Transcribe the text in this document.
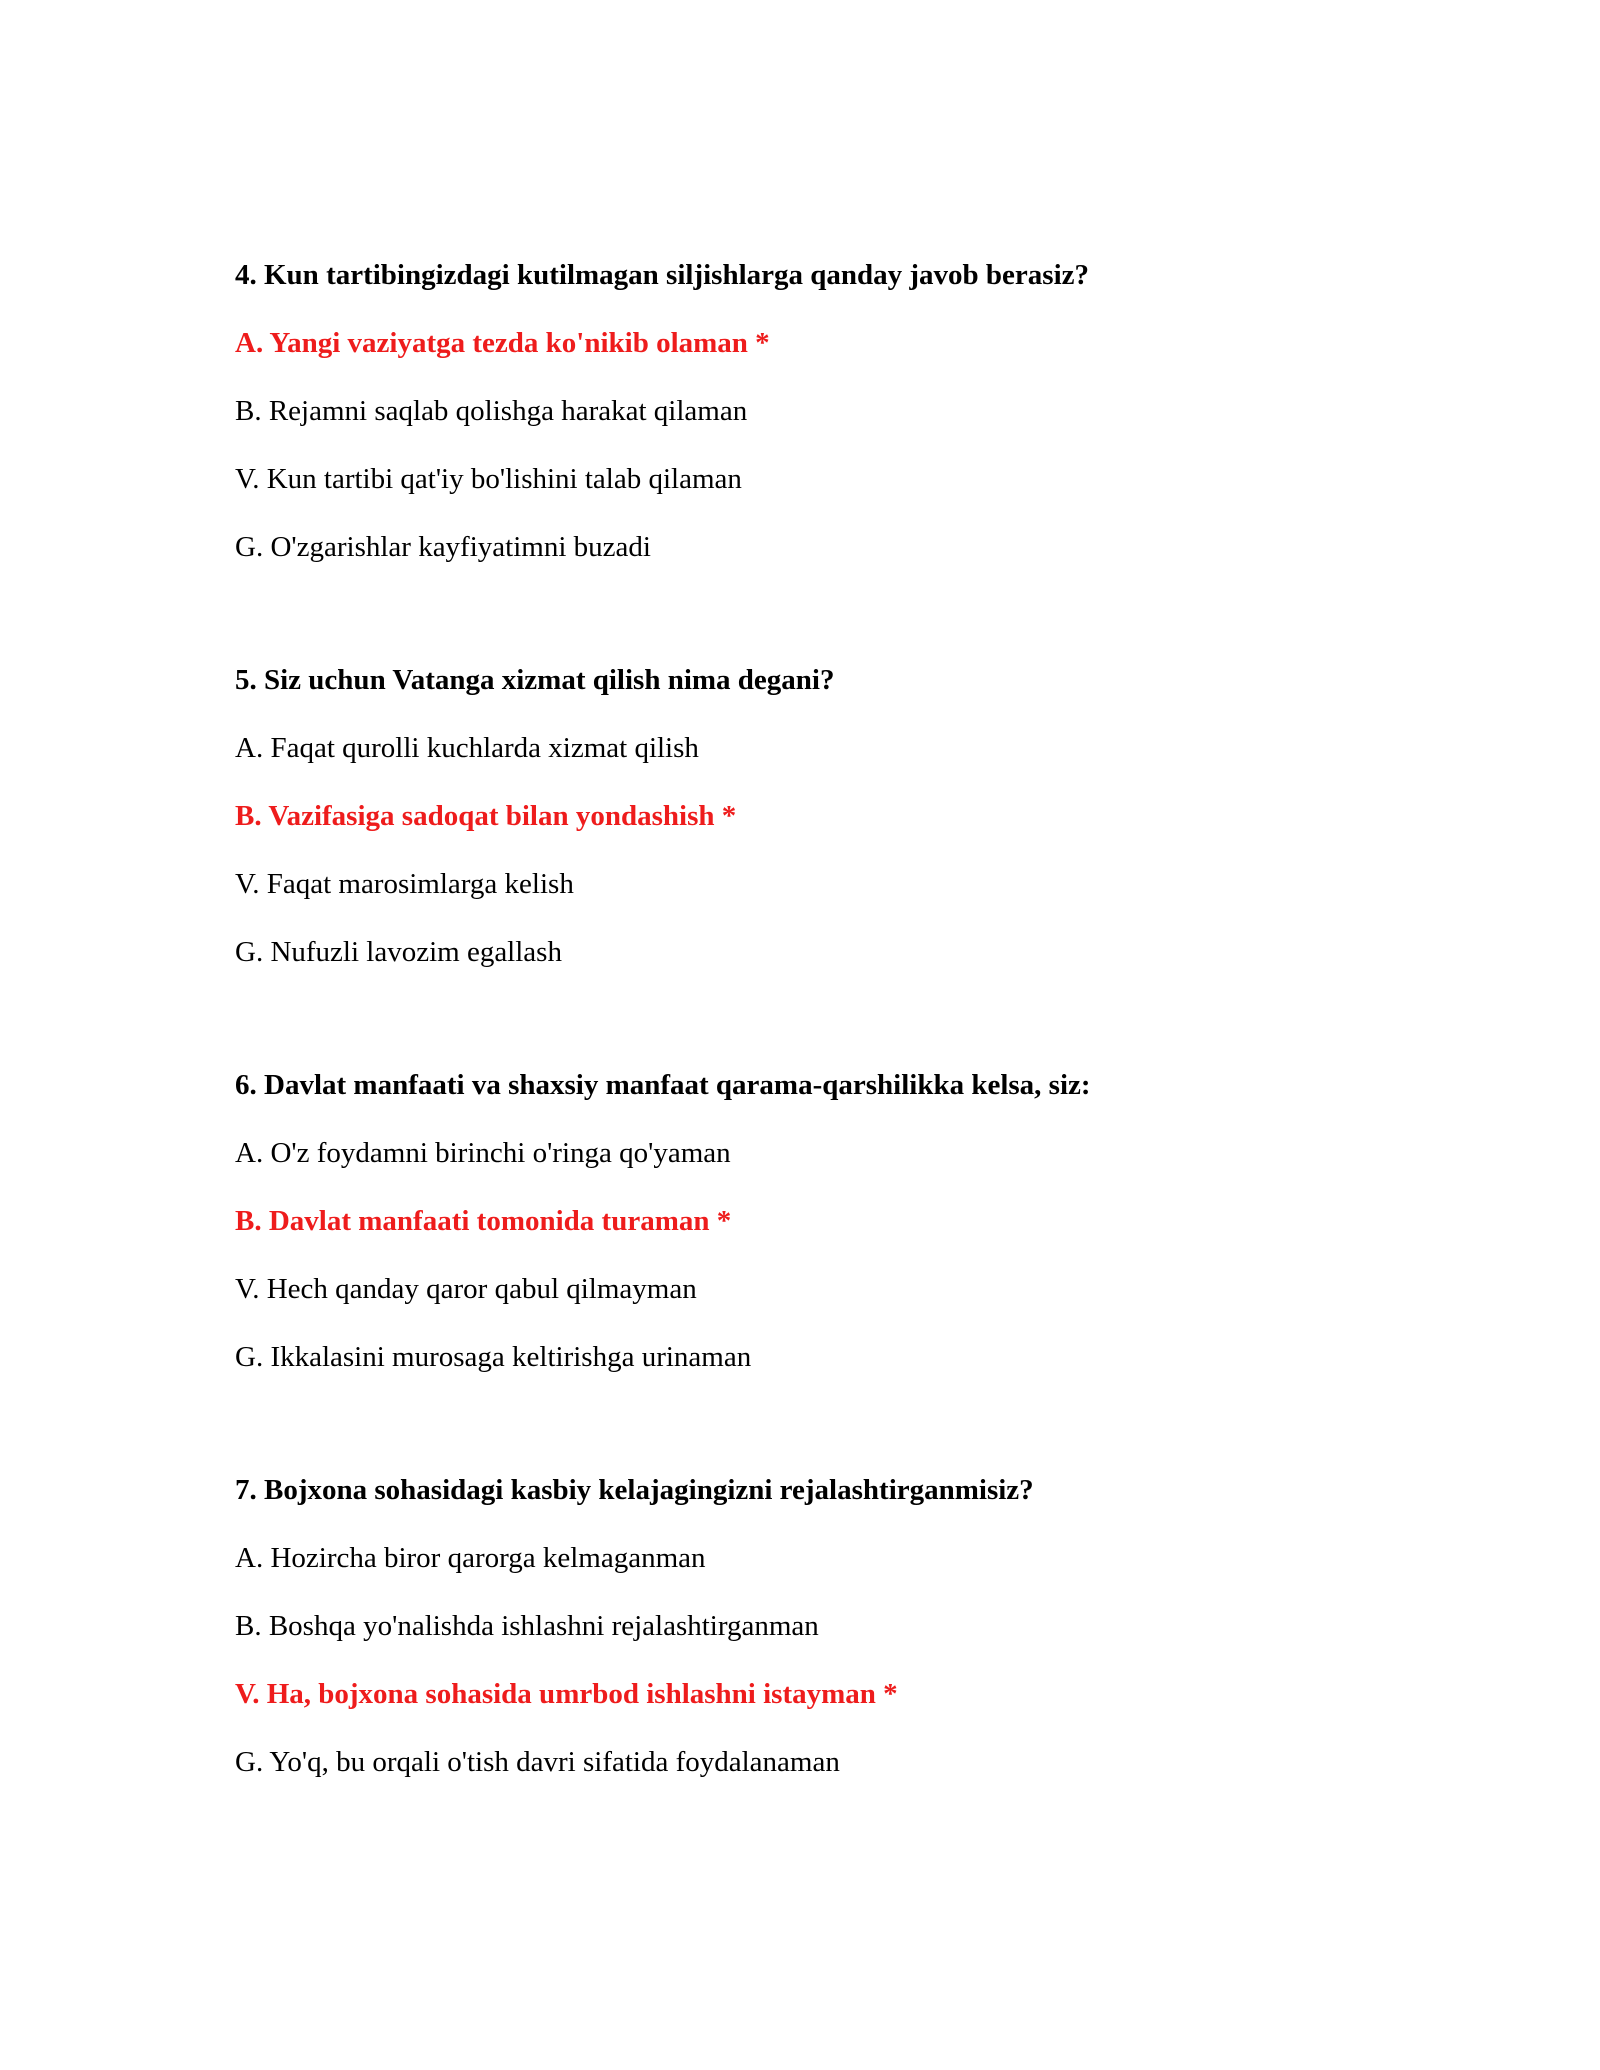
4. Kun tartibingizdagi kutilmagan siljishlarga qanday javob berasiz?
A. Yangi vaziyatga tezda ko'nikib olaman *
B. Rejamni saqlab qolishga harakat qilaman
V. Kun tartibi qat'iy bo'lishini talab qilaman
G. O'zgarishlar kayfiyatimni buzadi
5. Siz uchun Vatanga xizmat qilish nima degani?
A. Faqat qurolli kuchlarda xizmat qilish
B. Vazifasiga sadoqat bilan yondashish *
V. Faqat marosimlarga kelish
G. Nufuzli lavozim egallash
6. Davlat manfaati va shaxsiy manfaat qarama-qarshilikka kelsa, siz:
A. O'z foydamni birinchi o'ringa qo'yaman
B. Davlat manfaati tomonida turaman *
V. Hech qanday qaror qabul qilmayman
G. Ikkalasini murosaga keltirishga urinaman
7. Bojxona sohasidagi kasbiy kelajagingizni rejalashtirganmisiz?
A. Hozircha biror qarorga kelmaganman
B. Boshqa yo'nalishda ishlashni rejalashtirganman
V. Ha, bojxona sohasida umrbod ishlashni istayman *
G. Yo'q, bu orqali o'tish davri sifatida foydalanaman
